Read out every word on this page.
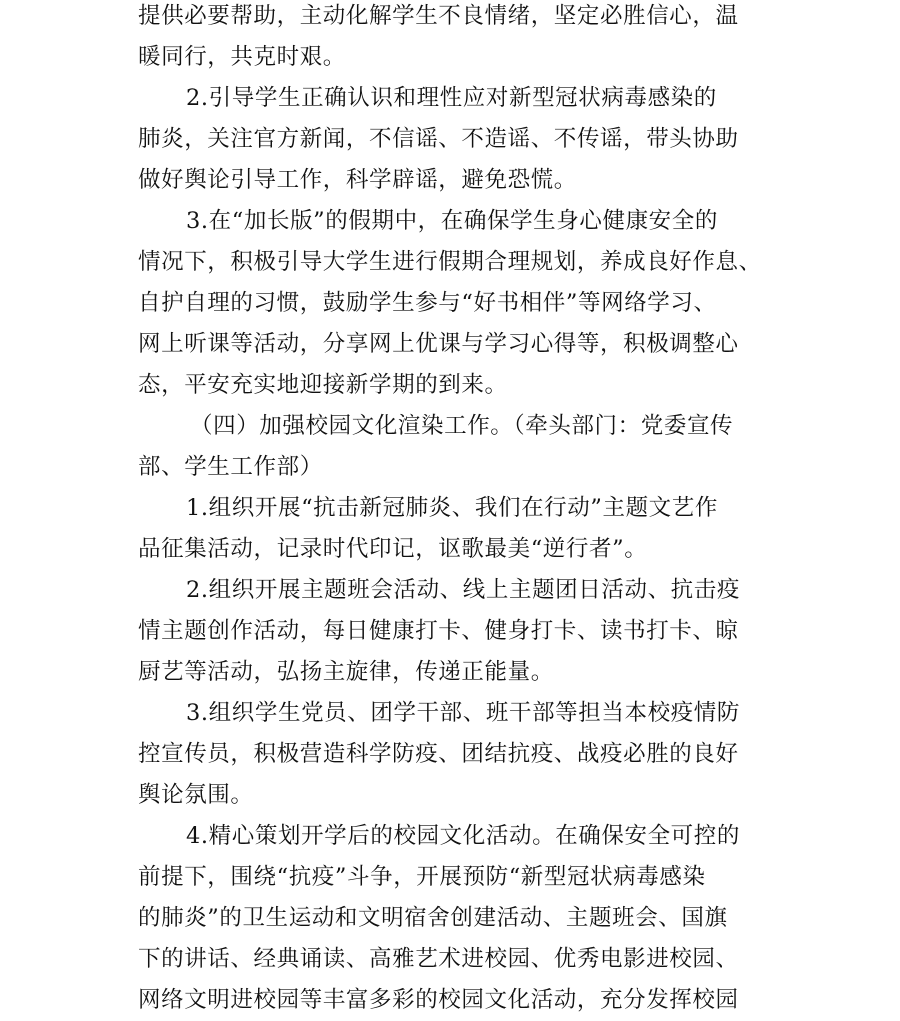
提供必要帮助，主动化解学生不良情绪，坚定必胜信心，温
暖同行，共克时艰。

2.引导学生正确认识和理性应对新型冠状病毒感染的
肺炎，关注官方新闻，不信谣、不造谣、不传谣，带头协助
做好舆论引导工作，科学辟谣，避免恐慌。

3.在“加长版”的假期中，在确保学生身心健康安全的
情况下，积极引导大学生进行假期合理规划，养成良好作息、
自护自理的习惯，鼓励学生参与“好书相伴”等网络学习、
网上听课等活动，分享网上优课与学习心得等，积极调整心
态，平安充实地迎接新学期的到来。

（四）加强校园文化渲染工作。（牵头部门：党委宣传
部、学生工作部）

1.组织开展“抗击新冠肺炎、我们在行动”主题文艺作
品征集活动，记录时代印记，讴歌最美“逆行者”。

2.组织开展主题班会活动、线上主题团日活动、抗击疫
情主题创作活动，每日健康打卡、健身打卡、读书打卡、晾
厨艺等活动，弘扬主旋律，传递正能量。

3.组织学生党员、团学干部、班干部等担当本校疫情防
控宣传员，积极营造科学防疫、团结抗疫、战疫必胜的良好
舆论氛围。

4.精心策划开学后的校园文化活动。在确保安全可控的
前提下，围绕“抗疫”斗争，开展预防“新型冠状病毒感染
的肺炎”的卫生运动和文明宿舍创建活动、主题班会、国旗
下的讲话、经典诵读、高雅艺术进校园、优秀电影进校园、
网络文明进校园等丰富多彩的校园文化活动，充分发挥校园
